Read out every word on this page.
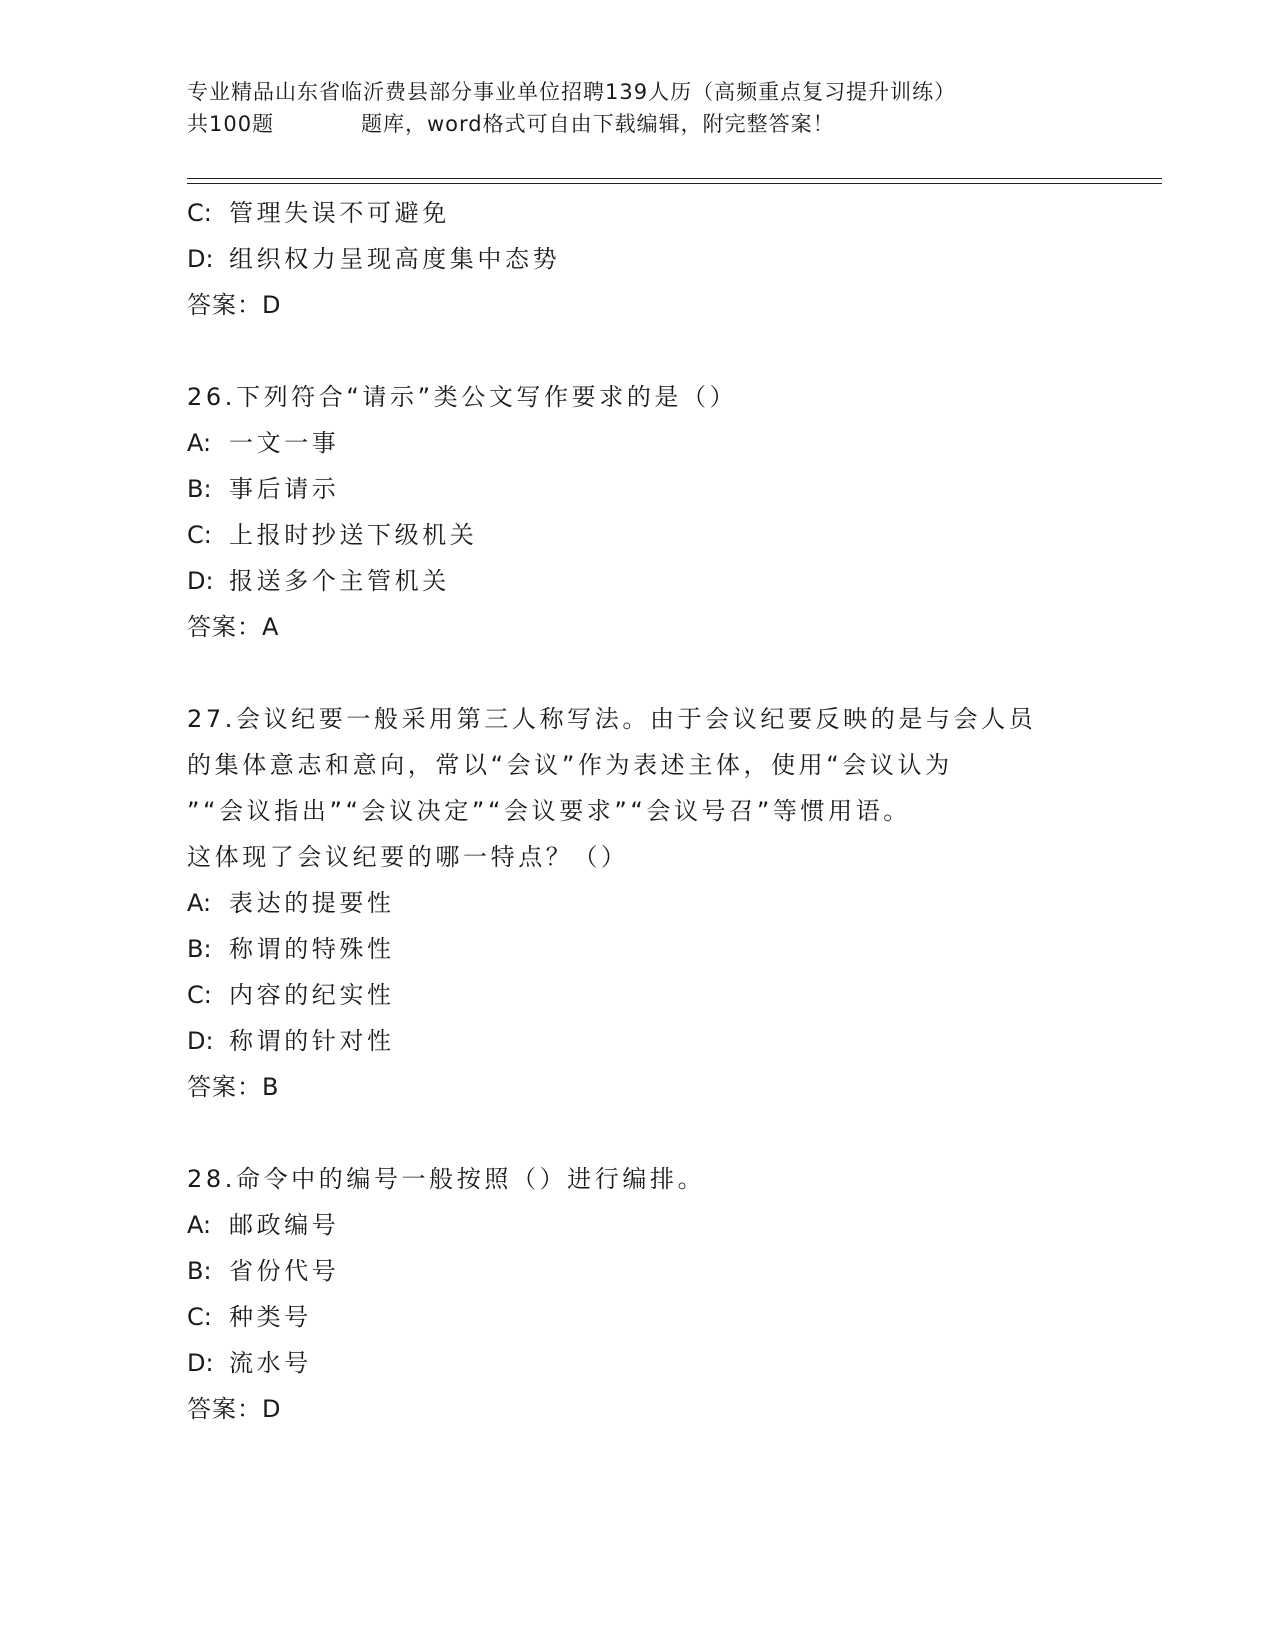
专业精品山东省临沂费县部分事业单位招聘139人历（高频重点复习提升训练）
共100题	题库，word格式可自由下载编辑，附完整答案！
C: 管理失误不可避免
D: 组织权力呈现高度集中态势
答案：D
26.下列符合“请示”类公文写作要求的是（）
A: 一文一事
B: 事后请示
C: 上报时抄送下级机关
D: 报送多个主管机关
答案：A
27.会议纪要一般采用第三人称写法。由于会议纪要反映的是与会人员
的集体意志和意向，常以“会议”作为表述主体，使用“会议认为
”“会议指出”“会议决定”“会议要求”“会议号召”等惯用语。
这体现了会议纪要的哪一特点？（）
A: 表达的提要性
B: 称谓的特殊性
C: 内容的纪实性
D: 称谓的针对性
答案：B
28.命令中的编号一般按照（）进行编排。
A: 邮政编号
B: 省份代号
C: 种类号
D: 流水号
答案：D
